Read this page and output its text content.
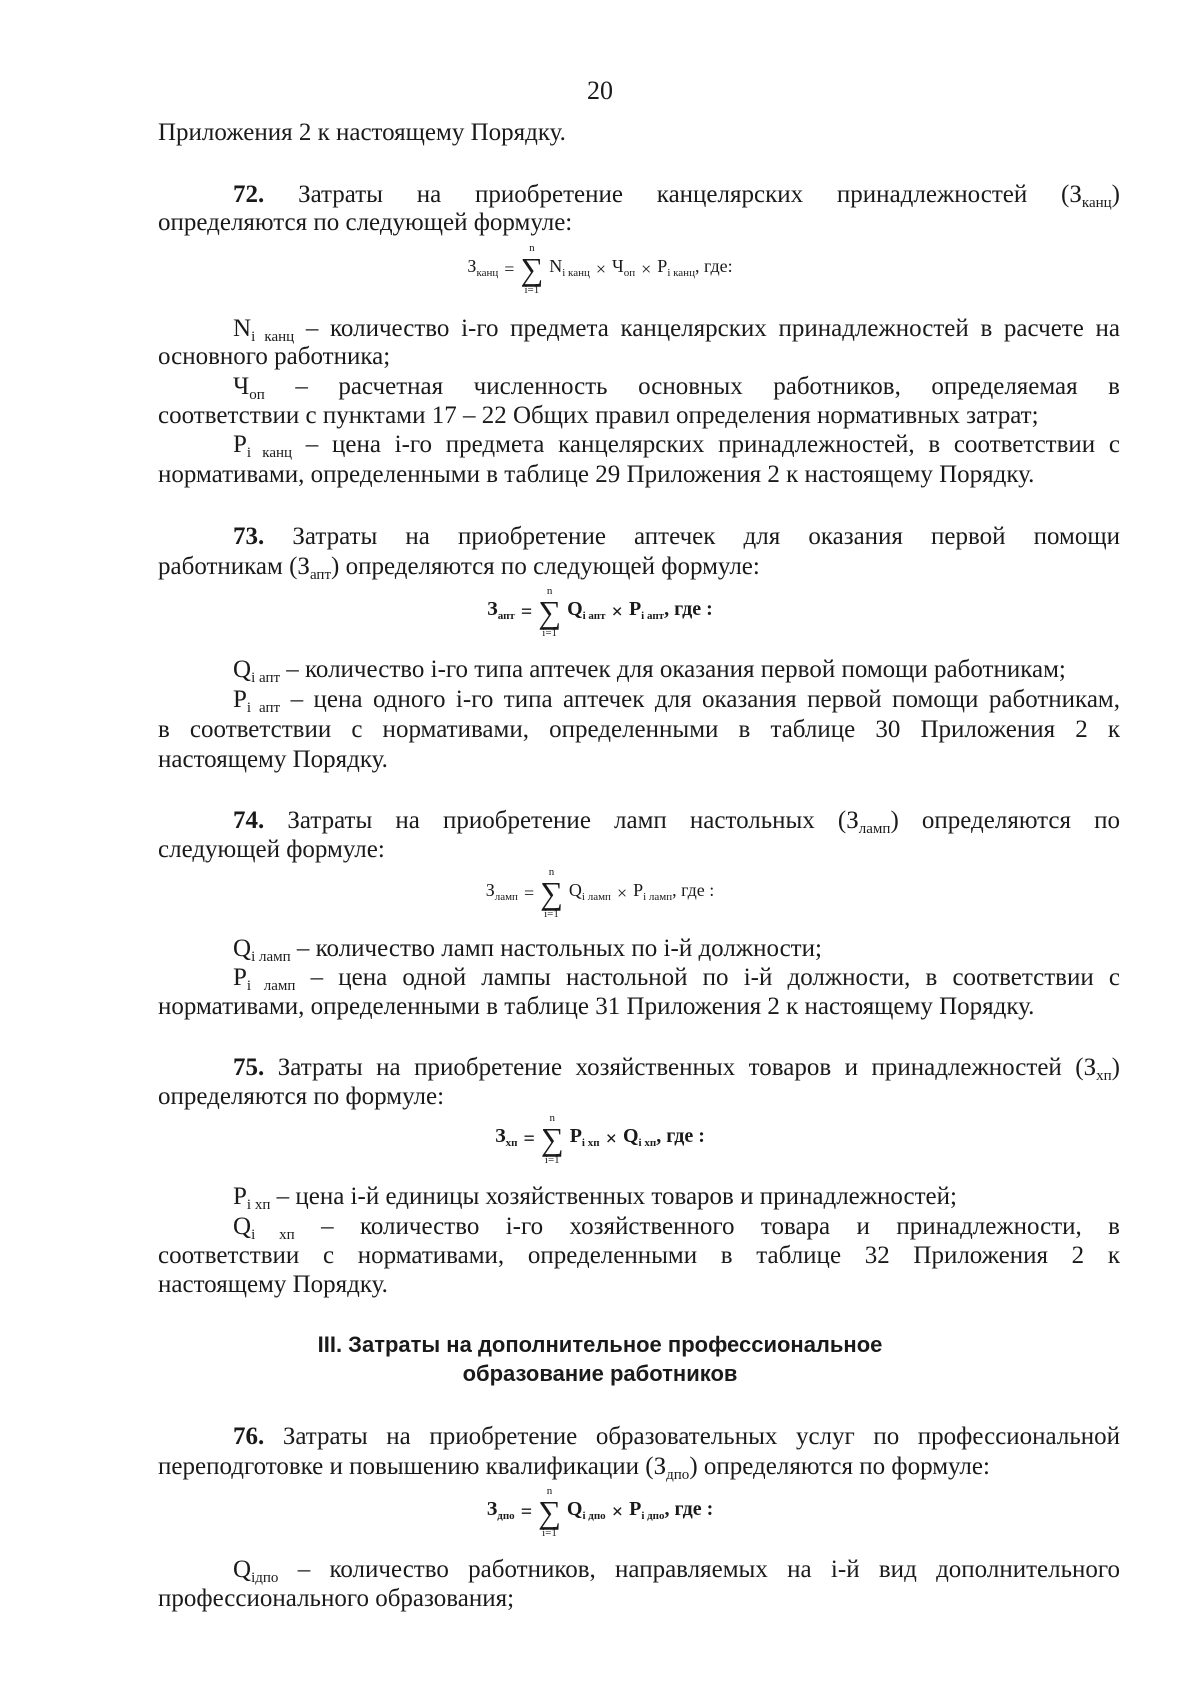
20
Приложения 2 к настоящему Порядку.
72. Затраты на приобретение канцелярских принадлежностей $(З_{канц})$
определяются по следующей формуле:
$З_{канц}$ =
n
∑
i=1
$N_{i канц} \times Ч_{оп} \times P_{i канц}$, где:
$N_{i канц}$ – количество i-го предмета канцелярских принадлежностей в расчете на
основного работника;
$Ч_{оп}$ – расчетная численность основных работников, определяемая в
соответствии с пунктами 17 – 22 Общих правил определения нормативных затрат;
$P_{i канц}$ – цена i-го предмета канцелярских принадлежностей, в соответствии с
нормативами, определенными в таблице 29 Приложения 2 к настоящему Порядку.
73. Затраты на приобретение аптечек для оказания первой помощи
работникам $(З_{апт})$ определяются по следующей формуле:
$З_{апт}$ =
n
∑
i=1
$Q_{i апт} \times P_{i апт}$, где :
$Q_{i апт}$ – количество i-го типа аптечек для оказания первой помощи работникам;
$P_{i апт}$ – цена одного i-го типа аптечек для оказания первой помощи работникам,
в соответствии с нормативами, определенными в таблице 30 Приложения 2 к
настоящему Порядку.
74. Затраты на приобретение ламп настольных $(З_{ламп})$ определяются по
следующей формуле:
$З_{ламп}$ =
n
∑
i=1
$Q_{i ламп} \times P_{i ламп}$, где :
$Q_{i ламп}$ – количество ламп настольных по i-й должности;
$P_{i ламп}$ – цена одной лампы настольной по i-й должности, в соответствии с
нормативами, определенными в таблице 31 Приложения 2 к настоящему Порядку.
75. Затраты на приобретение хозяйственных товаров и принадлежностей $(З_{хп})$
определяются по формуле:
$З_{хп}$ =
n
∑
i=1
$P_{i хп} \times Q_{i хп}$, где :
$P_{i хп}$ – цена i-й единицы хозяйственных товаров и принадлежностей;
$Q_{i хп}$ – количество i-го хозяйственного товара и принадлежности, в
соответствии с нормативами, определенными в таблице 32 Приложения 2 к
настоящему Порядку.
III. Затраты на дополнительное профессиональное
образование работников
76. Затраты на приобретение образовательных услуг по профессиональной
переподготовке и повышению квалификации $(З_{дпо})$ определяются по формуле:
$З_{дпо}$ =
n
∑
i=1
$Q_{i дпо} \times P_{i дпо}$, где :
$Q_{iдпо}$ – количество работников, направляемых на i-й вид дополнительного
профессионального образования;
